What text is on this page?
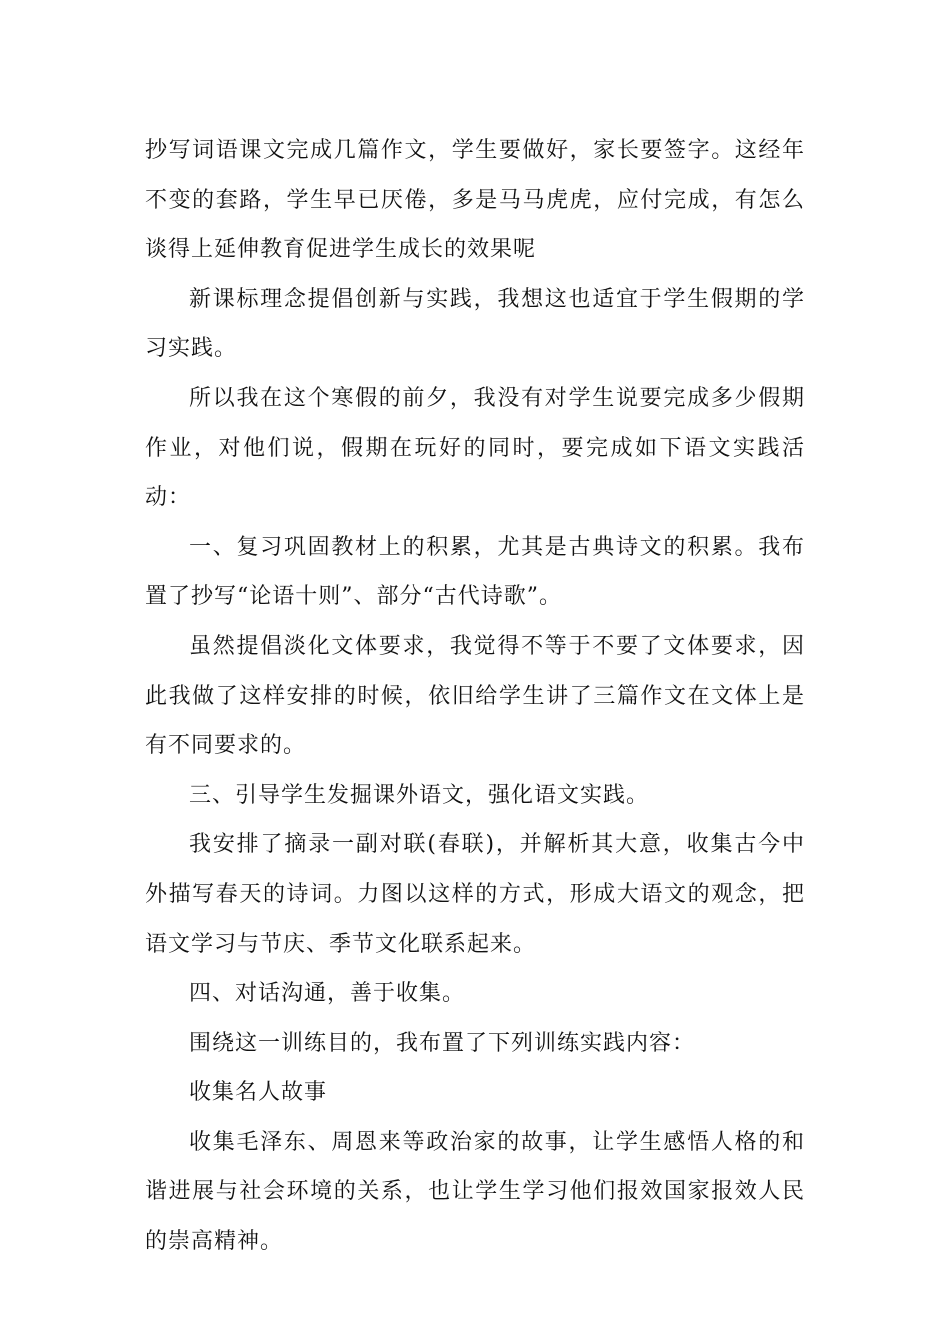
抄写词语课文完成几篇作文，学生要做好，家长要签字。这经年不变的套路，学生早已厌倦，多是马马虎虎，应付完成，有怎么谈得上延伸教育促进学生成长的效果呢

新课标理念提倡创新与实践，我想这也适宜于学生假期的学习实践。

所以我在这个寒假的前夕，我没有对学生说要完成多少假期作业，对他们说，假期在玩好的同时，要完成如下语文实践活动：

一、复习巩固教材上的积累，尤其是古典诗文的积累。我布置了抄写“论语十则”、部分“古代诗歌”。

虽然提倡淡化文体要求，我觉得不等于不要了文体要求，因此我做了这样安排的时候，依旧给学生讲了三篇作文在文体上是有不同要求的。

三、引导学生发掘课外语文，强化语文实践。

我安排了摘录一副对联(春联)，并解析其大意，收集古今中外描写春天的诗词。力图以这样的方式，形成大语文的观念，把语文学习与节庆、季节文化联系起来。

四、对话沟通，善于收集。

围绕这一训练目的，我布置了下列训练实践内容：

收集名人故事

收集毛泽东、周恩来等政治家的故事，让学生感悟人格的和谐进展与社会环境的关系，也让学生学习他们报效国家报效人民的崇高精神。
